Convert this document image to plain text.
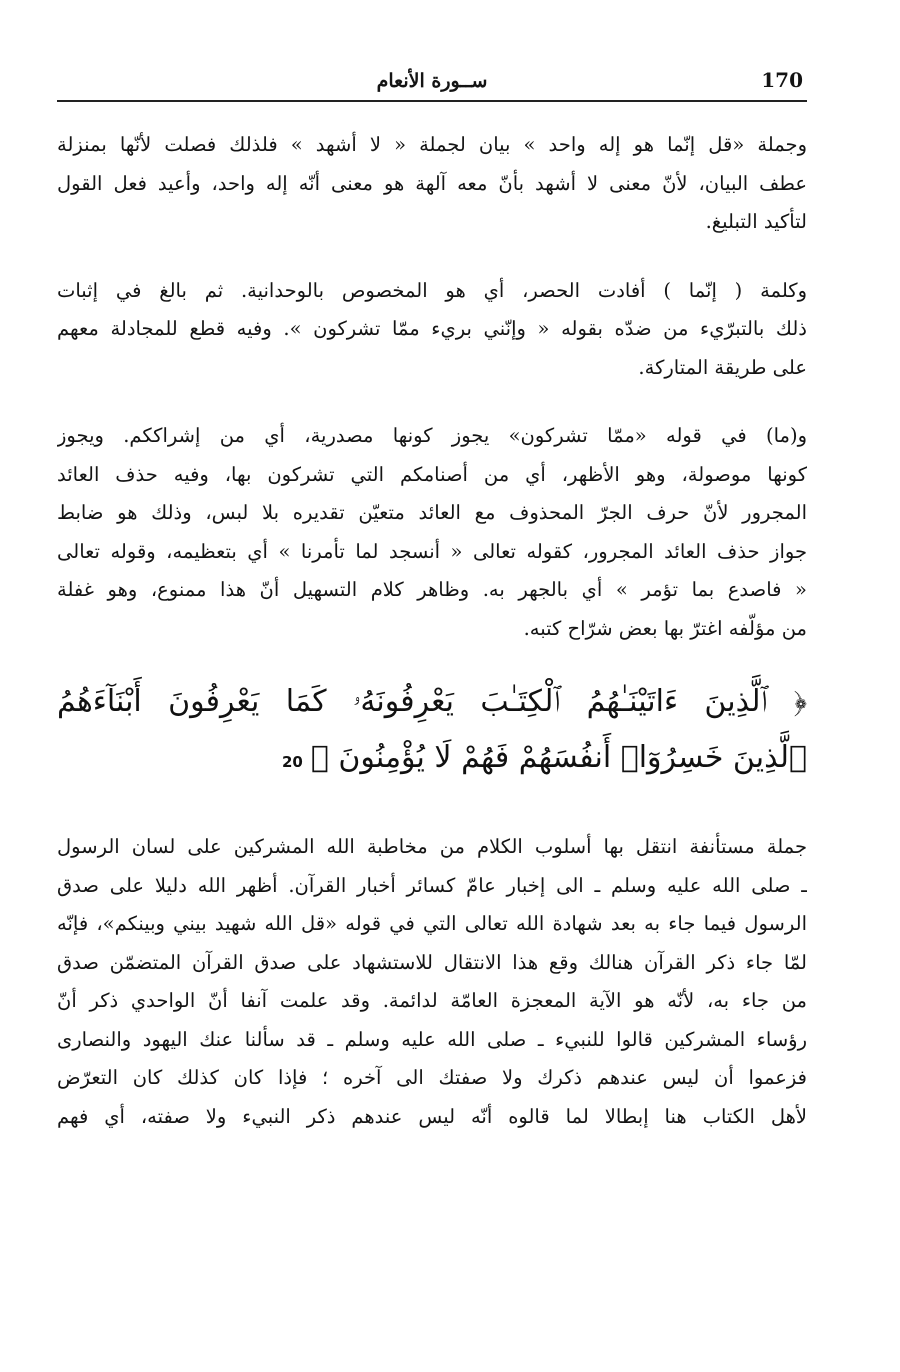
ســورة الأنعام	170
وجملة «قل إنّما هو إله واحد » بيان لجملة « لا أشهد » فلذلك فصلت لأنّها بمنزلة
عطف البيان، لأنّ معنى لا أشهد بأنّ معه آلهة هو معنى أنّه إله واحد، وأعيد فعل القول
لتأكيد التبليغ.
وكلمة ( إنّما ) أفادت الحصر، أي هو المخصوص بالوحدانية. ثم بالغ في إثبات
ذلك بالتبرّيء من ضدّه بقوله « وإنّني بريء ممّا تشركون ». وفيه قطع للمجادلة معهم
على طريقة المتاركة.
و(ما) في قوله «ممّا تشركون» يجوز كونها مصدرية، أي من إشراككم. ويجوز
كونها موصولة، وهو الأظهر، أي من أصنامكم التي تشركون بها، وفيه حذف العائد
المجرور لأنّ حرف الجرّ المحذوف مع العائد متعيّن تقديره بلا لبس، وذلك هو ضابط
جواز حذف العائد المجرور، كقوله تعالى « أنسجد لما تأمرنا » أي بتعظيمه، وقوله تعالى
« فاصدع بما تؤمر » أي بالجهر به. وظاهر كلام التسهيل أنّ هذا ممنوع، وهو غفلة
من مؤلّفه اغترّ بها بعض شرّاح كتبه.
﴿ ٱلَّذِينَ ءَاتَيْنَـٰهُمُ ٱلْكِتَـٰبَ يَعْرِفُونَهُۥ كَمَا يَعْرِفُونَ أَبْنَآءَهُمُ
ٱلَّذِينَ خَسِرُوٓا۟ أَنفُسَهُمْ فَهُمْ لَا يُؤْمِنُونَ ﴾20
جملة مستأنفة انتقل بها أسلوب الكلام من مخاطبة الله المشركين على لسان الرسول
ـ صلى الله عليه وسلم ـ الى إخبار عامّ كسائر أخبار القرآن. أظهر الله دليلا على صدق
الرسول فيما جاء به بعد شهادة الله تعالى التي في قوله «قل الله شهيد بيني وبينكم»، فإنّه
لمّا جاء ذكر القرآن هنالك وقع هذا الانتقال للاستشهاد على صدق القرآن المتضمّن صدق
من جاء به، لأنّه هو الآية المعجزة العامّة لدائمة. وقد علمت آنفا أنّ الواحدي ذكر أنّ
رؤساء المشركين قالوا للنبيء ـ صلى الله عليه وسلم ـ قد سألنا عنك اليهود والنصارى
فزعموا أن ليس عندهم ذكرك ولا صفتك الى آخره ؛ فإذا كان كذلك كان التعرّض
لأهل الكتاب هنا إبطالا لما قالوه أنّه ليس عندهم ذكر النبيء ولا صفته، أي فهم
